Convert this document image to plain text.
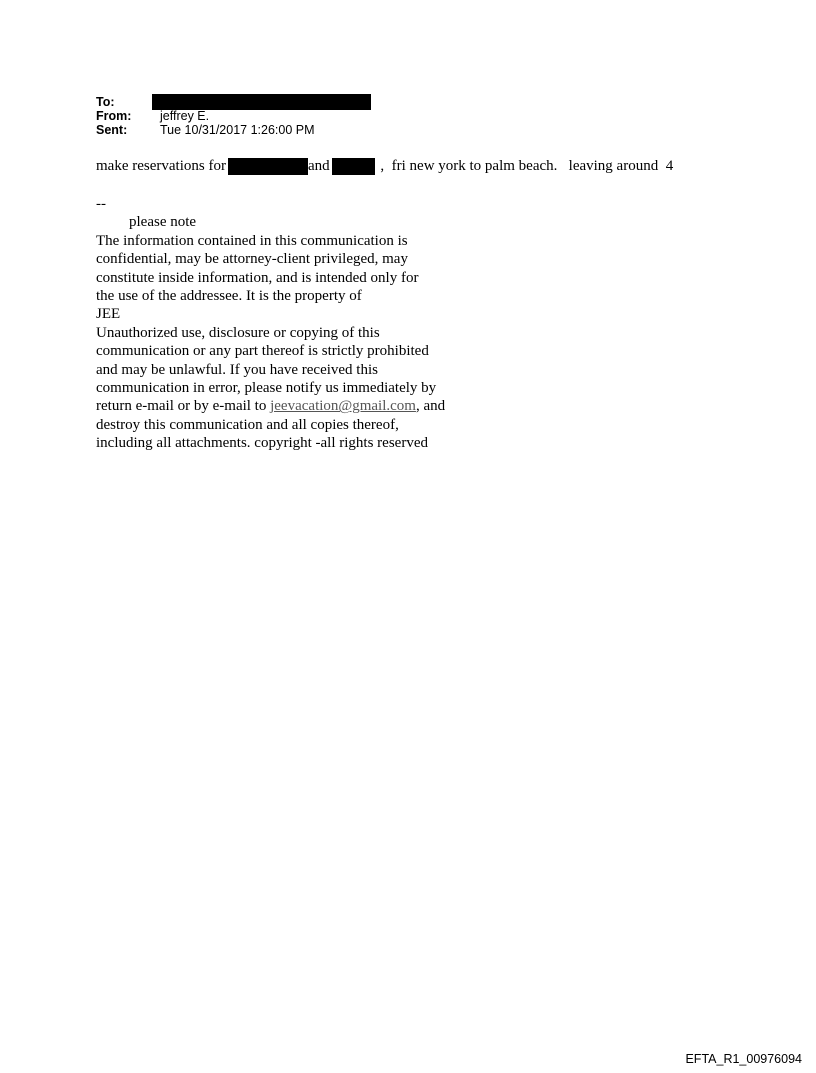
To:
From: jeffrey E.
Sent:	Tue 10/31/2017 1:26:00 PM
make reservations for	and	,  fri new york to palm beach.   leaving around  4
--
please note
The information contained in this communication is
confidential, may be attorney-client privileged, may
constitute inside information, and is intended only for
the use of the addressee. It is the property of
JEE
Unauthorized use, disclosure or copying of this
communication or any part thereof is strictly prohibited
and may be unlawful. If you have received this
communication in error, please notify us immediately by
return e-mail or by e-mail to jeevacation@gmail.com, and
destroy this communication and all copies thereof,
including all attachments. copyright -all rights reserved
EFTA_R1_00976094
